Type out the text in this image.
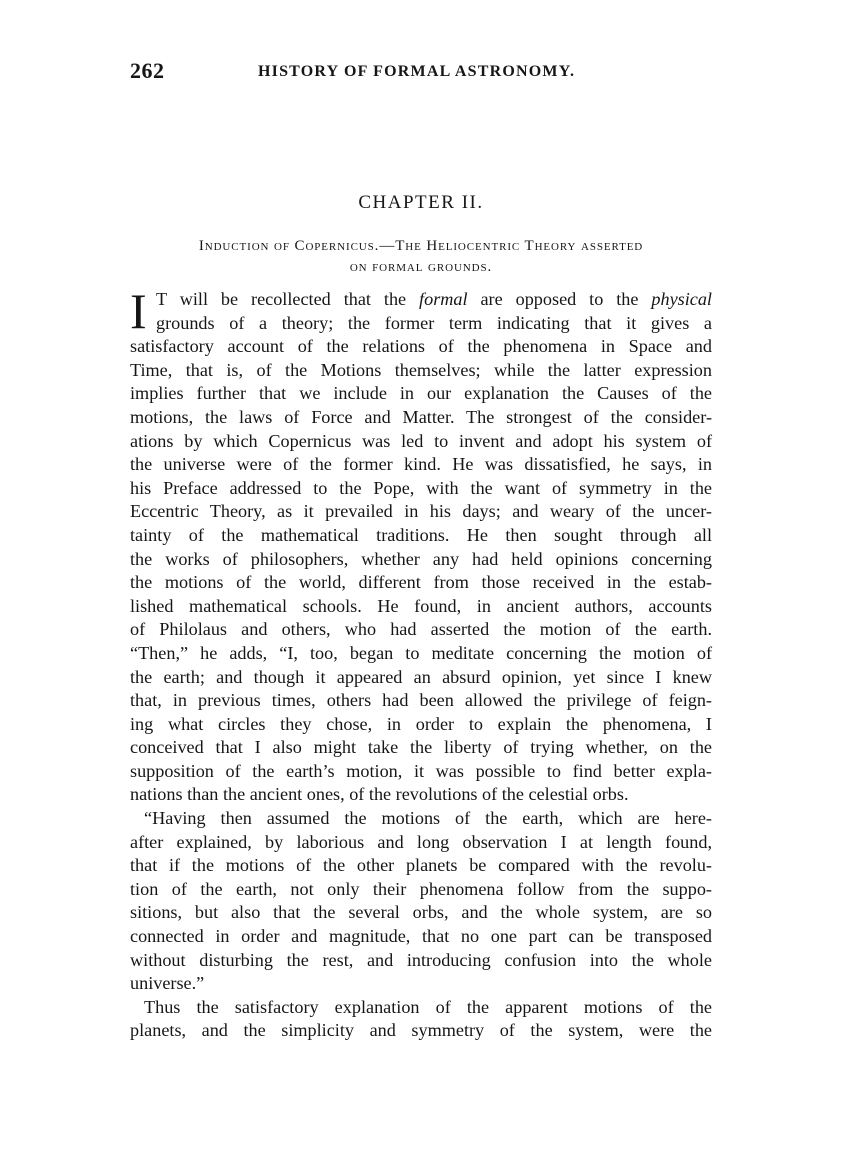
262	HISTORY OF FORMAL ASTRONOMY.
CHAPTER II.
Induction of Copernicus.—The Heliocentric Theory asserted
on formal grounds.
I T will be recollected that the formal are opposed to the physical
grounds of a theory; the former term indicating that it gives a
satisfactory account of the relations of the phenomena in Space and
Time, that is, of the Motions themselves; while the latter expression
implies further that we include in our explanation the Causes of the
motions, the laws of Force and Matter. The strongest of the consider-
ations by which Copernicus was led to invent and adopt his system of
the universe were of the former kind. He was dissatisfied, he says, in
his Preface addressed to the Pope, with the want of symmetry in the
Eccentric Theory, as it prevailed in his days; and weary of the uncer-
tainty of the mathematical traditions. He then sought through all
the works of philosophers, whether any had held opinions concerning
the motions of the world, different from those received in the estab-
lished mathematical schools. He found, in ancient authors, accounts
of Philolaus and others, who had asserted the motion of the earth.
“Then,” he adds, “I, too, began to meditate concerning the motion of
the earth; and though it appeared an absurd opinion, yet since I knew
that, in previous times, others had been allowed the privilege of feign-
ing what circles they chose, in order to explain the phenomena, I
conceived that I also might take the liberty of trying whether, on the
supposition of the earth’s motion, it was possible to find better expla-
nations than the ancient ones, of the revolutions of the celestial orbs.
“Having then assumed the motions of the earth, which are here-
after explained, by laborious and long observation I at length found,
that if the motions of the other planets be compared with the revolu-
tion of the earth, not only their phenomena follow from the suppo-
sitions, but also that the several orbs, and the whole system, are so
connected in order and magnitude, that no one part can be transposed
without disturbing the rest, and introducing confusion into the whole
universe.”
Thus the satisfactory explanation of the apparent motions of the
planets, and the simplicity and symmetry of the system, were the
